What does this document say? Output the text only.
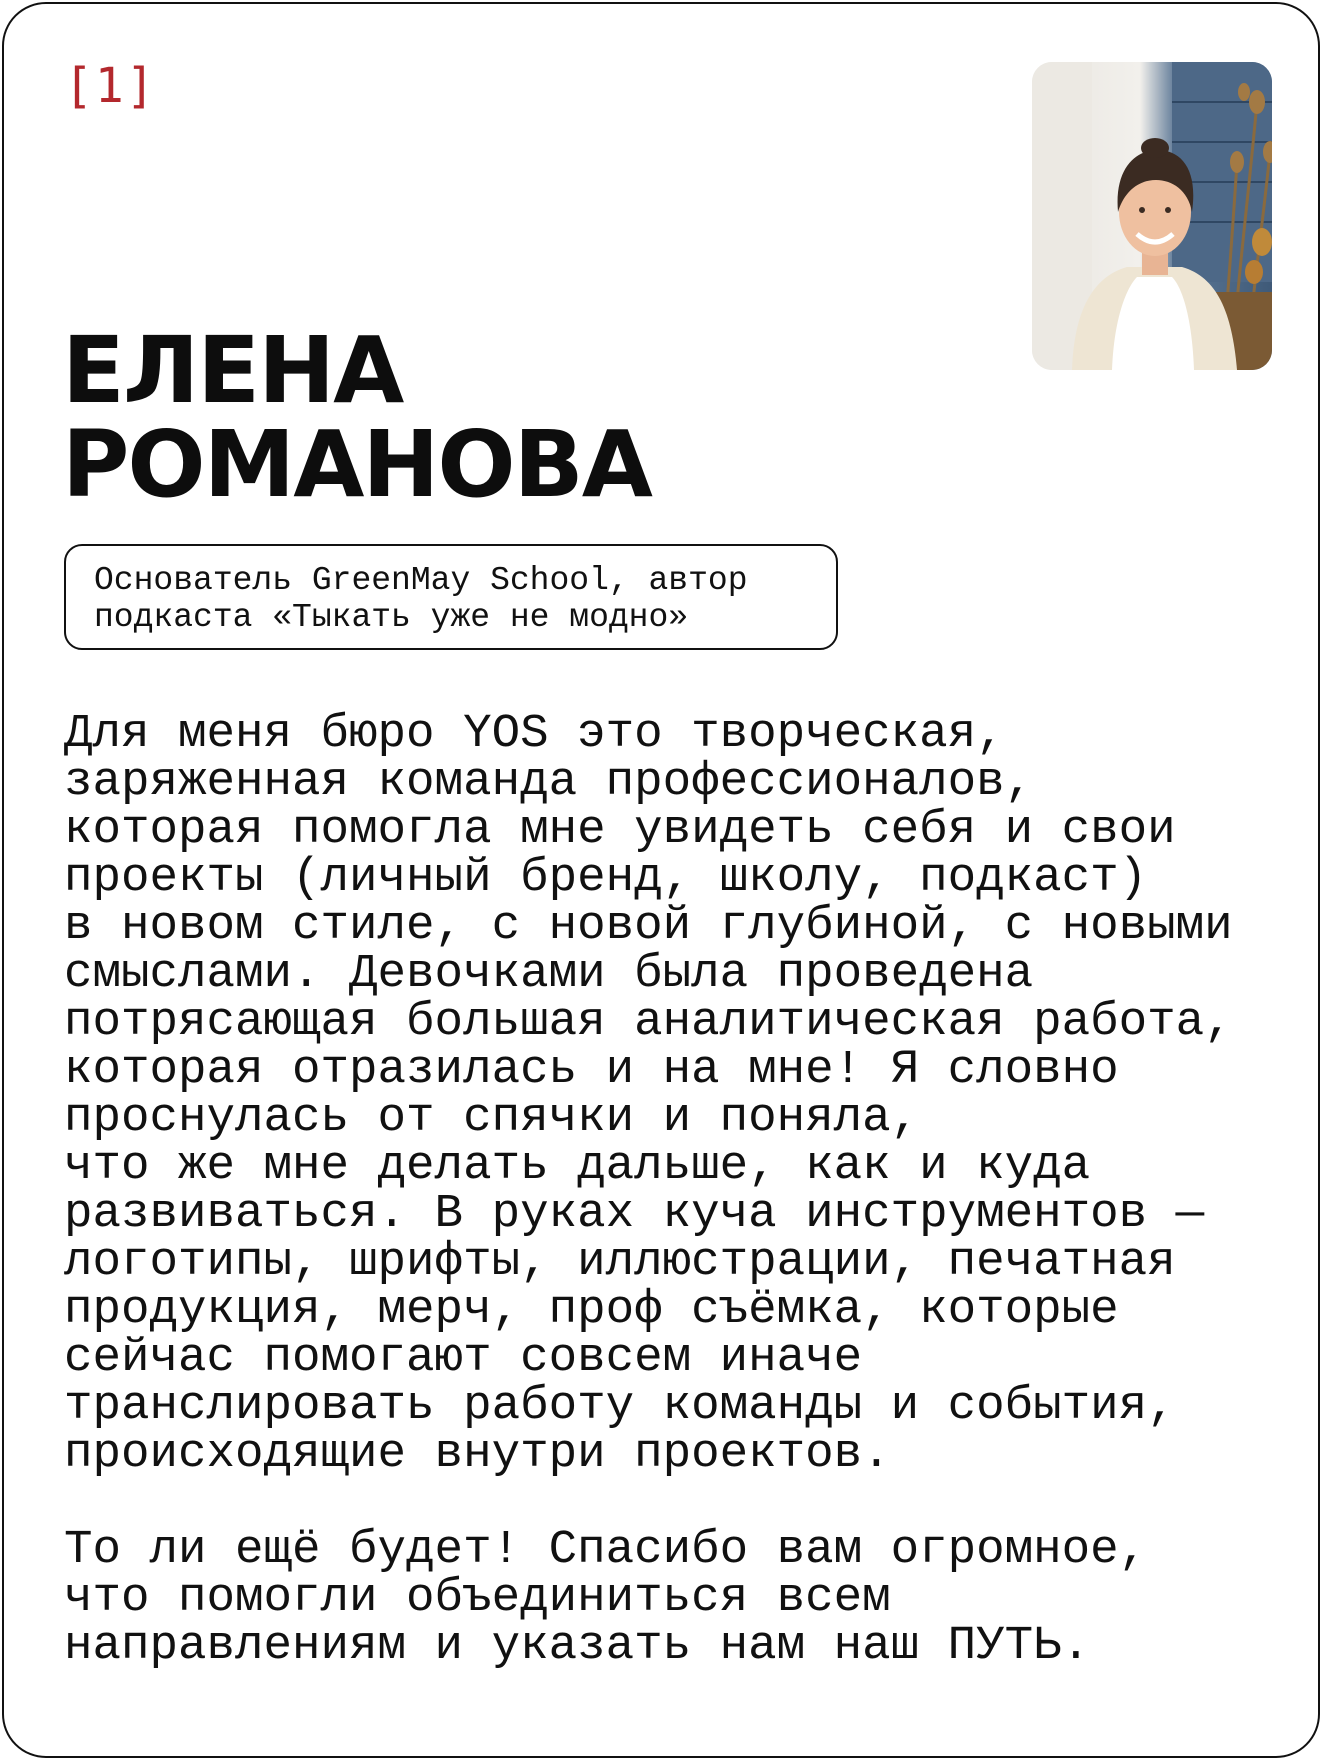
[1]
ЕЛЕНА
РОМАНОВА
Основатель GreenMay School, автор
подкаста «Тыкать уже не модно»
Для меня бюро YOS это творческая,
заряженная команда профессионалов,
которая помогла мне увидеть себя и свои
проекты (личный бренд, школу, подкаст)
в новом стиле, с новой глубиной, с новыми
смыслами. Девочками была проведена
потрясающая большая аналитическая работа,
которая отразилась и на мне! Я словно
проснулась от спячки и поняла,
что же мне делать дальше, как и куда
развиваться. В руках куча инструментов —
логотипы, шрифты, иллюстрации, печатная
продукция, мерч, проф съёмка, которые
сейчас помогают совсем иначе
транслировать работу команды и события,
происходящие внутри проектов.
То ли ещё будет! Спасибо вам огромное,
что помогли объединиться всем
направлениям и указать нам наш ПУТЬ.
